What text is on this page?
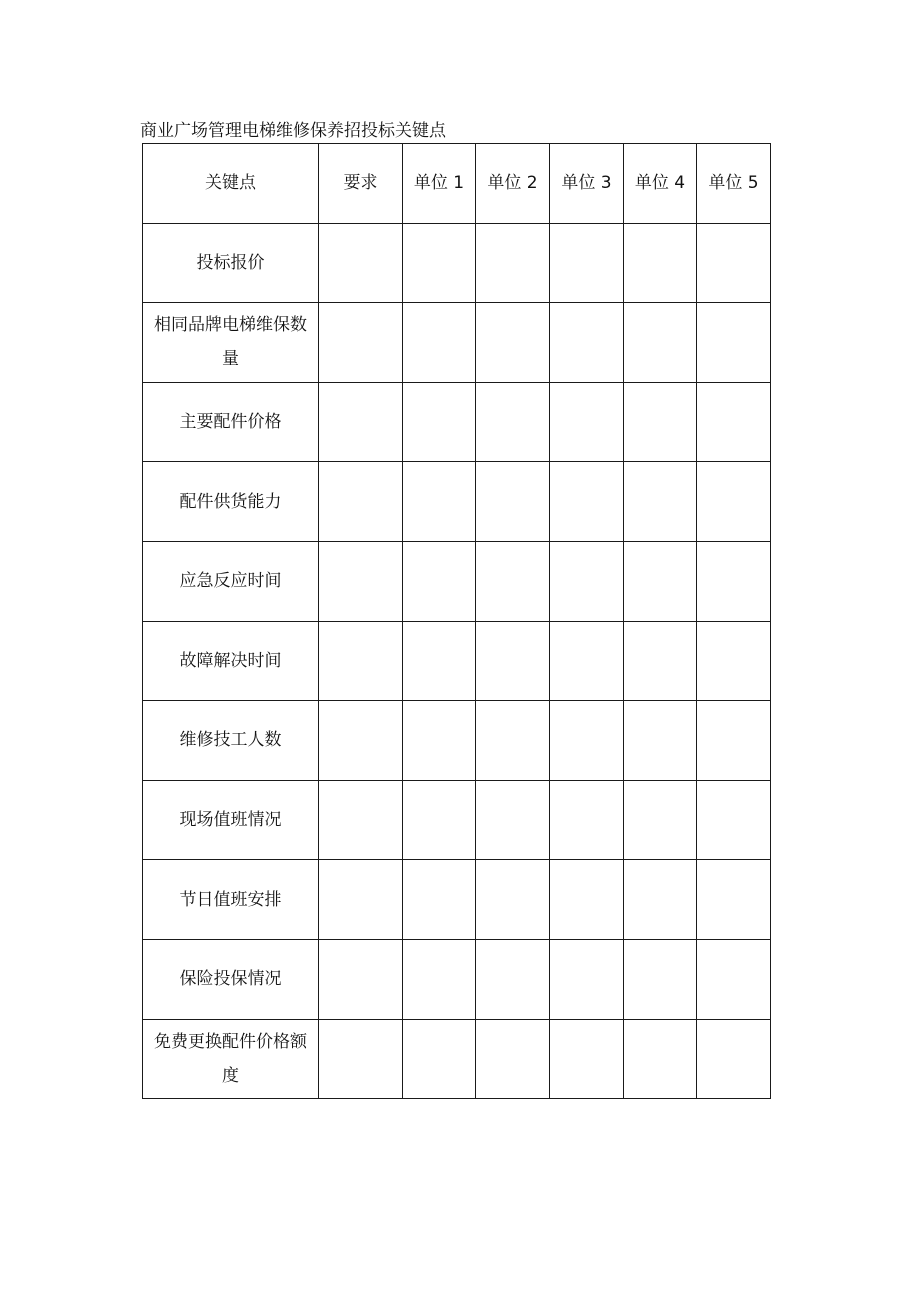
商业广场管理电梯维修保养招投标关键点
关键点	要求	单位 1	单位 2	单位 3	单位 4	单位 5
投标报价						
相同品牌电梯维保数量						
主要配件价格						
配件供货能力						
应急反应时间						
故障解决时间						
维修技工人数						
现场值班情况						
节日值班安排						
保险投保情况						
免费更换配件价格额度						
